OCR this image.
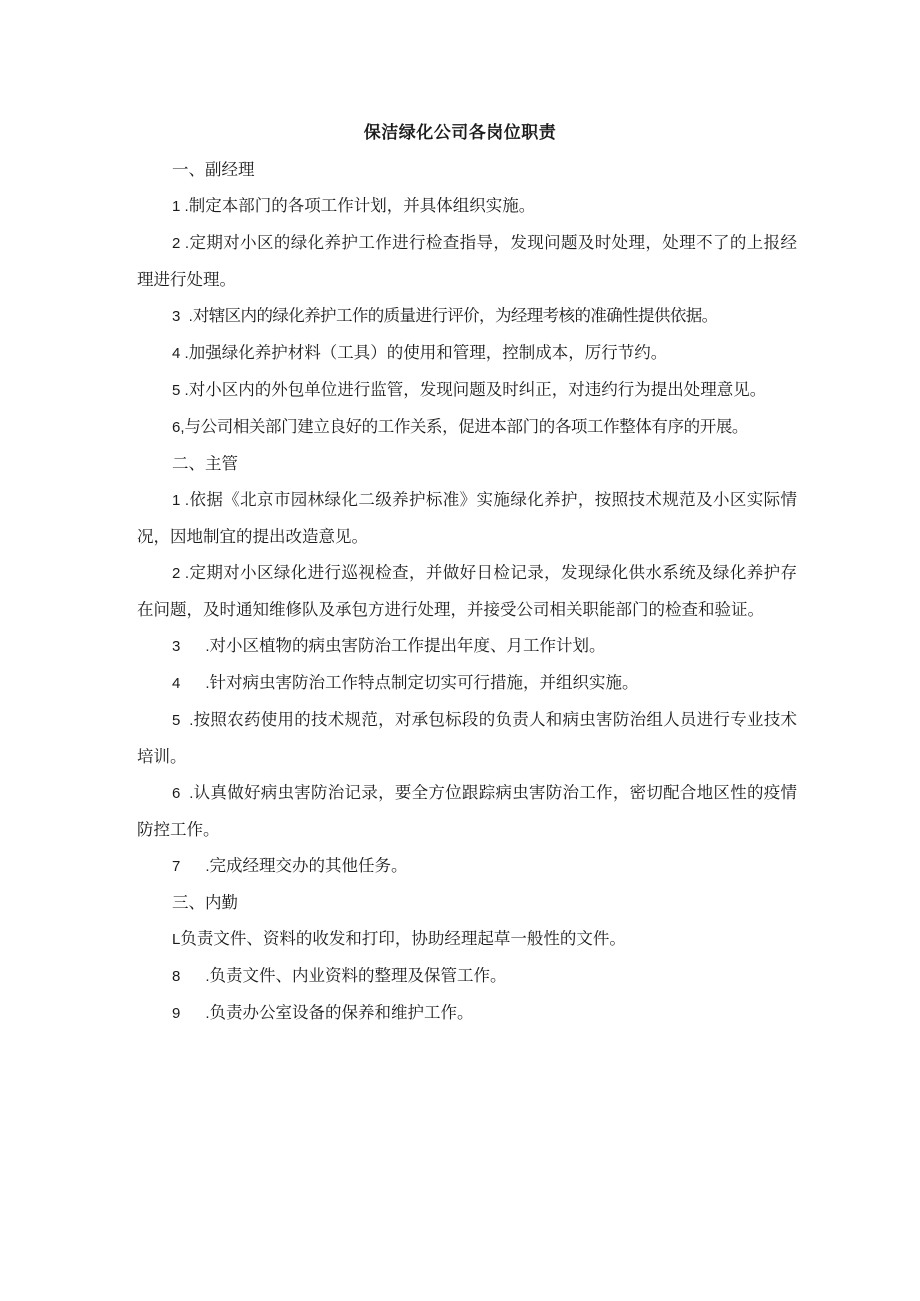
保洁绿化公司各岗位职责

一、副经理

1 .制定本部门的各项工作计划，并具体组织实施。

2 .定期对小区的绿化养护工作进行检查指导，发现问题及时处理，处理不了的上报经理进行处理。

3  .对辖区内的绿化养护工作的质量进行评价，为经理考核的准确性提供依据。

4 .加强绿化养护材料（工具）的使用和管理，控制成本，厉行节约。

5 .对小区内的外包单位进行监管，发现问题及时纠正，对违约行为提出处理意见。

6,与公司相关部门建立良好的工作关系，促进本部门的各项工作整体有序的开展。

二、主管

1 .依据《北京市园林绿化二级养护标准》实施绿化养护，按照技术规范及小区实际情况，因地制宜的提出改造意见。

2 .定期对小区绿化进行巡视检查，并做好日检记录，发现绿化供水系统及绿化养护存在问题，及时通知维修队及承包方进行处理，并接受公司相关职能部门的检查和验证。

3      .对小区植物的病虫害防治工作提出年度、月工作计划。

4      .针对病虫害防治工作特点制定切实可行措施，并组织实施。

5  .按照农药使用的技术规范，对承包标段的负责人和病虫害防治组人员进行专业技术培训。

6  .认真做好病虫害防治记录，要全方位跟踪病虫害防治工作，密切配合地区性的疫情防控工作。

7      .完成经理交办的其他任务。

三、内勤

L负责文件、资料的收发和打印，协助经理起草一般性的文件。

8      .负责文件、内业资料的整理及保管工作。

9      .负责办公室设备的保养和维护工作。
